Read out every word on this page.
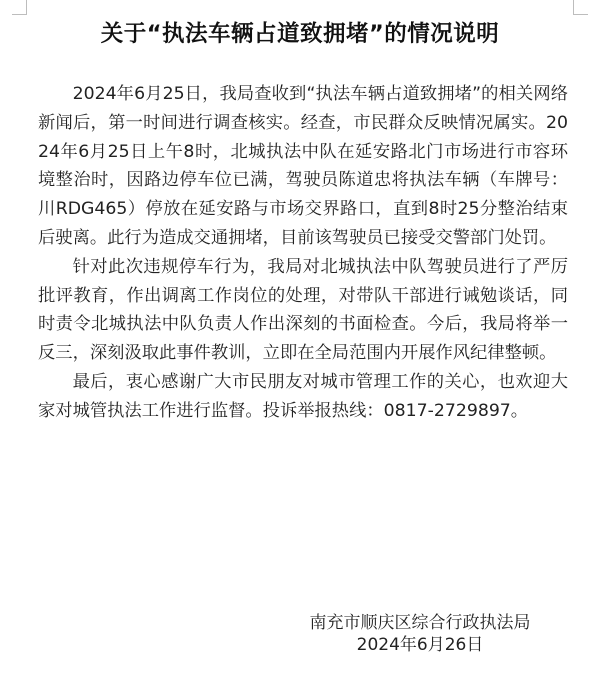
关于“执法车辆占道致拥堵”的情况说明

2024年6月25日，我局查收到“执法车辆占道致拥堵”的相关网络新闻后，第一时间进行调查核实。经查，市民群众反映情况属实。2024年6月25日上午8时，北城执法中队在延安路北门市场进行市容环境整治时，因路边停车位已满，驾驶员陈道忠将执法车辆（车牌号：川RDG465）停放在延安路与市场交界路口，直到8时25分整治结束后驶离。此行为造成交通拥堵，目前该驾驶员已接受交警部门处罚。

针对此次违规停车行为，我局对北城执法中队驾驶员进行了严厉批评教育，作出调离工作岗位的处理，对带队干部进行诫勉谈话，同时责令北城执法中队负责人作出深刻的书面检查。今后，我局将举一反三，深刻汲取此事件教训，立即在全局范围内开展作风纪律整顿。

最后，衷心感谢广大市民朋友对城市管理工作的关心，也欢迎大家对城管执法工作进行监督。投诉举报热线：0817-2729897。

南充市顺庆区综合行政执法局
2024年6月26日
